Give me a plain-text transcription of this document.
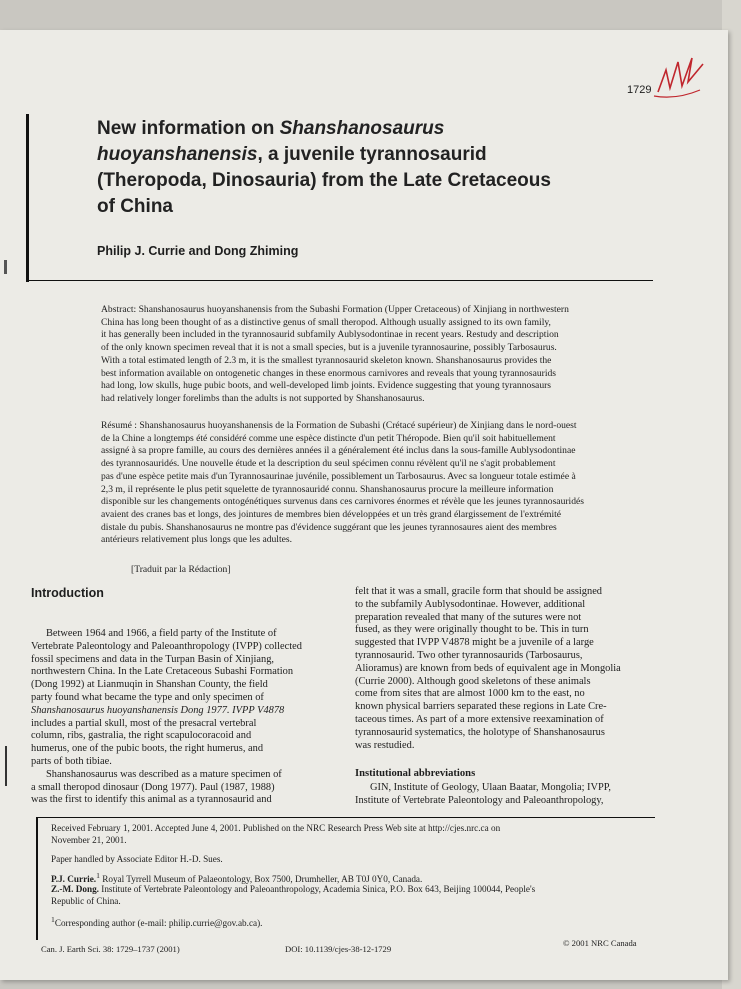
1729
New information on Shanshanosaurus
huoyanshanensis, a juvenile tyrannosaurid
(Theropoda, Dinosauria) from the Late Cretaceous
of China
Philip J. Currie and Dong Zhiming
Abstract: Shanshanosaurus huoyanshanensis from the Subashi Formation (Upper Cretaceous) of Xinjiang in northwestern
China has long been thought of as a distinctive genus of small theropod. Although usually assigned to its own family,
it has generally been included in the tyrannosaurid subfamily Aublysodontinae in recent years. Restudy and description
of the only known specimen reveal that it is not a small species, but is a juvenile tyrannosaurine, possibly Tarbosaurus.
With a total estimated length of 2.3 m, it is the smallest tyrannosaurid skeleton known. Shanshanosaurus provides the
best information available on ontogenetic changes in these enormous carnivores and reveals that young tyrannosaurids
had long, low skulls, huge pubic boots, and well-developed limb joints. Evidence suggesting that young tyrannosaurs
had relatively longer forelimbs than the adults is not supported by Shanshanosaurus.
Résumé : Shanshanosaurus huoyanshanensis de la Formation de Subashi (Crétacé supérieur) de Xinjiang dans le nord-ouest
de la Chine a longtemps été considéré comme une espèce distincte d'un petit Théropode. Bien qu'il soit habituellement
assigné à sa propre famille, au cours des dernières années il a généralement été inclus dans la sous-famille Aublysodontinae
des tyrannosauridés. Une nouvelle étude et la description du seul spécimen connu révèlent qu'il ne s'agit probablement
pas d'une espèce petite mais d'un Tyrannosaurinae juvénile, possiblement un Tarbosaurus. Avec sa longueur totale estimée à
2,3 m, il représente le plus petit squelette de tyrannosauridé connu. Shanshanosaurus procure la meilleure information
disponible sur les changements ontogénétiques survenus dans ces carnivores énormes et révèle que les jeunes tyrannosauridés
avaient des cranes bas et longs, des jointures de membres bien développées et un très grand élargissement de l'extrémité
distale du pubis. Shanshanosaurus ne montre pas d'évidence suggérant que les jeunes tyrannosaures aient des membres
antérieurs relativement plus longs que les adultes.
[Traduit par la Rédaction]
Introduction
Between 1964 and 1966, a field party of the Institute of
Vertebrate Paleontology and Paleoanthropology (IVPP) collected
fossil specimens and data in the Turpan Basin of Xinjiang,
northwestern China. In the Late Cretaceous Subashi Formation
(Dong 1992) at Lianmuqin in Shanshan County, the field
party found what became the type and only specimen of
Shanshanosaurus huoyanshanensis Dong 1977. IVPP V4878
includes a partial skull, most of the presacral vertebral
column, ribs, gastralia, the right scapulocoracoid and
humerus, one of the pubic boots, the right humerus, and
parts of both tibiae.
Shanshanosaurus was described as a mature specimen of
a small theropod dinosaur (Dong 1977). Paul (1987, 1988)
was the first to identify this animal as a tyrannosaurid and
felt that it was a small, gracile form that should be assigned
to the subfamily Aublysodontinae. However, additional
preparation revealed that many of the sutures were not
fused, as they were originally thought to be. This in turn
suggested that IVPP V4878 might be a juvenile of a large
tyrannosaurid. Two other tyrannosaurids (Tarbosaurus,
Alioramus) are known from beds of equivalent age in Mongolia
(Currie 2000). Although good skeletons of these animals
come from sites that are almost 1000 km to the east, no
known physical barriers separated these regions in Late Cre-
taceous times. As part of a more extensive reexamination of
tyrannosaurid systematics, the holotype of Shanshanosaurus
was restudied.
Institutional abbreviations
GIN, Institute of Geology, Ulaan Baatar, Mongolia; IVPP,
Institute of Vertebrate Paleontology and Paleoanthropology,
Received February 1, 2001. Accepted June 4, 2001. Published on the NRC Research Press Web site at http://cjes.nrc.ca on
November 21, 2001.
Paper handled by Associate Editor H.-D. Sues.
P.J. Currie.$^1$ Royal Tyrrell Museum of Palaeontology, Box 7500, Drumheller, AB T0J 0Y0, Canada.
Z.-M. Dong. Institute of Vertebrate Paleontology and Paleoanthropology, Academia Sinica, P.O. Box 643, Beijing 100044, People's
Republic of China.
$^1$Corresponding author (e-mail: philip.currie@gov.ab.ca).
Can. J. Earth Sci. 38: 1729–1737 (2001)	DOI: 10.1139/cjes-38-12-1729
© 2001 NRC Canada
